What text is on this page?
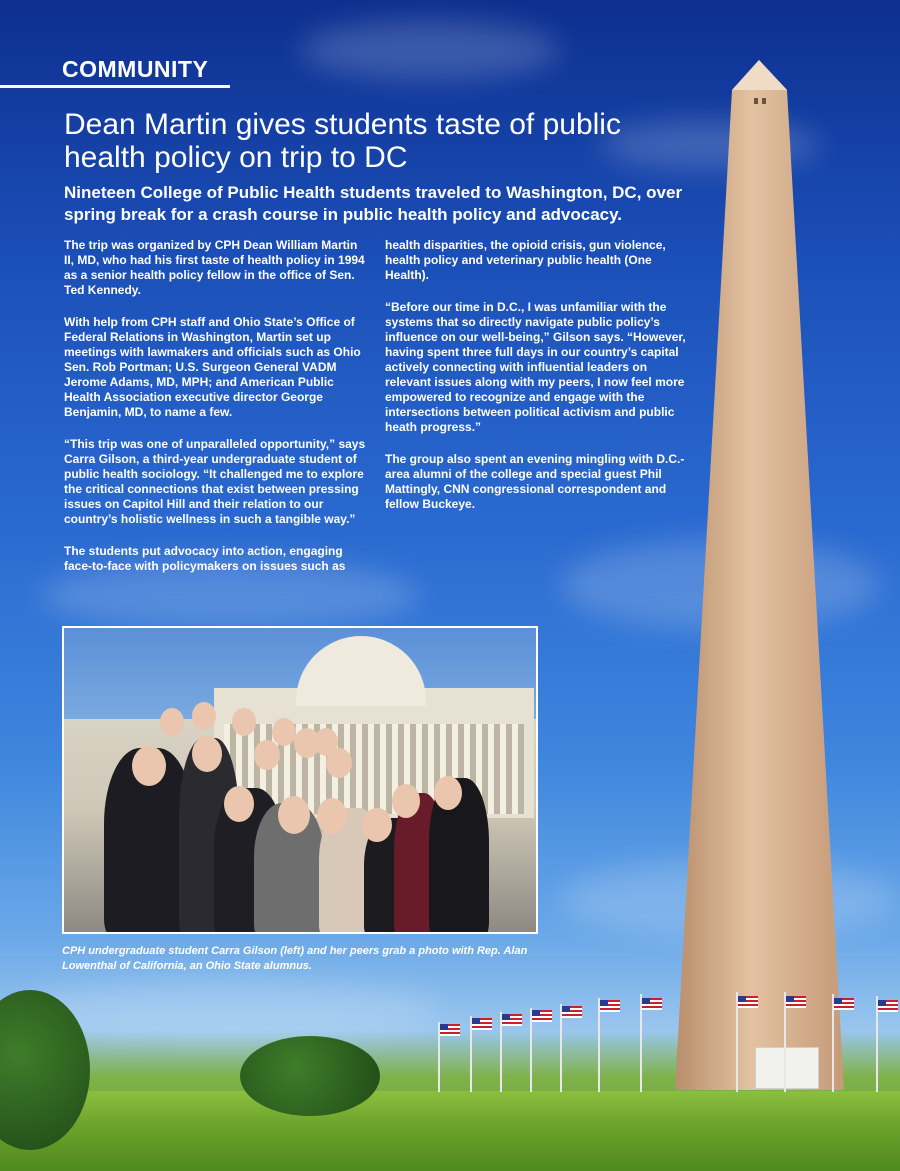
COMMUNITY
Dean Martin gives students taste of public health policy on trip to DC
Nineteen College of Public Health students traveled to Washington, DC, over spring break for a crash course in public health policy and advocacy.

The trip was organized by CPH Dean William Martin II, MD, who had his first taste of health policy in 1994 as a senior health policy fellow in the office of Sen. Ted Kennedy.

With help from CPH staff and Ohio State’s Office of Federal Relations in Washington, Martin set up meetings with lawmakers and officials such as Ohio Sen. Rob Portman; U.S. Surgeon General VADM Jerome Adams, MD, MPH; and American Public Health Association executive director George Benjamin, MD, to name a few.

“This trip was one of unparalleled opportunity,” says Carra Gilson, a third-year undergraduate student of public health sociology. “It challenged me to explore the critical connections that exist between pressing issues on Capitol Hill and their relation to our country’s holistic wellness in such a tangible way.”

The students put advocacy into action, engaging face-to-face with policymakers on issues such as

health disparities, the opioid crisis, gun violence, health policy and veterinary public health (One Health).

“Before our time in D.C., I was unfamiliar with the systems that so directly navigate public policy’s influence on our well-being,” Gilson says. “However, having spent three full days in our country’s capital actively connecting with influential leaders on relevant issues along with my peers, I now feel more empowered to recognize and engage with the intersections between political activism and public heath progress.”

The group also spent an evening mingling with D.C.-area alumni of the college and special guest Phil Mattingly, CNN congressional correspondent and fellow Buckeye.

CPH undergraduate student Carra Gilson (left) and her peers grab a photo with Rep. Alan Lowenthal of California, an Ohio State alumnus.
